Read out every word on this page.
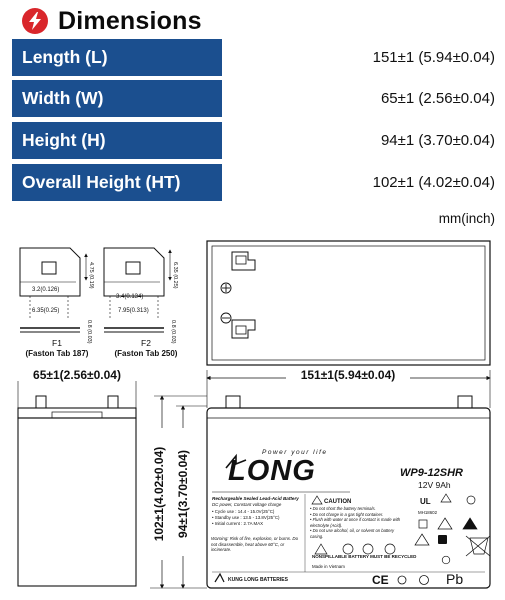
Dimensions
Length (L)	151±1 (5.94±0.04)
Width (W)	65±1 (2.56±0.04)
Height (H)	94±1 (3.70±0.04)
Overall Height (HT)	102±1 (4.02±0.04)
mm(inch)
4.75 (0.19)
3.2(0.126)
6.35(0.25)
0.8 (0.03)
F1
(Faston Tab 187)
6.35 (0.25)
3.4(0.134)
7.95(0.313)
0.8 (0.03)
F2
(Faston Tab 250)
65±1(2.56±0.04)	151±1(5.94±0.04)
102±1(4.02±0.04) 94±1(3.70±0.04)	Power your life
LONG	WP9-12SHR
12V 9Ah
Rechargeable Sealed Lead-Acid Battery
DC power, Constant voltage charge
• Cycle use : 14.4 - 15.0V(25°C)
• Standby use : 13.5 - 13.8V(25°C)
• Initial current : 2.7A MAX
Warning: Risk of fire, explosion, or burns. Do not disassemble, heat above 60°C, or incinerate.
CAUTION
• Do not short the battery terminals.
• Do not charge in a gas tight container.
• Flush with water at once if contact is made with electrolyte (Acid).
• Do not use alcohol, oil, or solvent on battery casing.
UL
MH18602
NONSPILLABLE BATTERY MUST BE RECYCLED
Made in Vietnam
KUNG LONG BATTERIES	CE	Pb
